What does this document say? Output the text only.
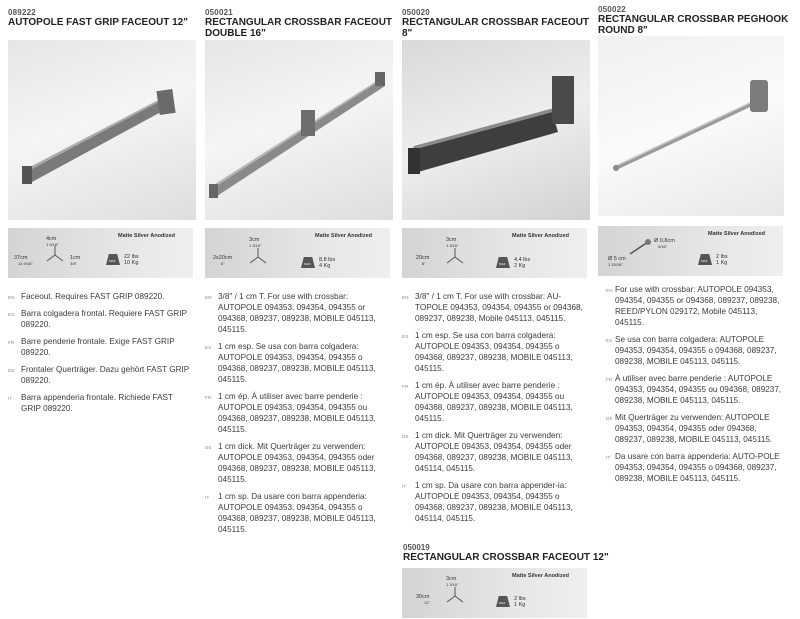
089222
AUTOPOLE FAST GRIP FACEOUT 12"
Matte Silver Anodized
4cm
1 9/16"
37cm
14 9/16"
1cm
3/8"
MAX
22 lbs
10 Kg
EN Faceout. Requires FAST GRIP 089220.
ES Barra colgadera frontal. Requiere FAST GRIP 089220.
FR Barre penderie frontale. Exige FAST GRIP 089220.
DE Frontaler Querträger. Dazu gehört FAST GRIP 089220.
IT Barra appenderia frontale. Richiede FAST GRIP 089220.
050021
RECTANGULAR CROSSBAR FACEOUT DOUBLE 16"
Matte Silver Anodized
3cm
1 3/16"
2x20cm
8"
MAX
8.8 lbs
4 Kg
EN 3/8" / 1 cm T. For use with crossbar: AUTOPOLE 094353, 094354, 094355 or 094368, 089237, 089238, MOBILE 045113, 045115.
ES 1 cm esp. Se usa con barra colgadera: AUTOPOLE 094353, 094354, 094355 o 094368, 089237, 089238, MOBILE 045113, 045115.
FR 1 cm ép. À utiliser avec barre penderie : AUTOPOLE 094353, 094354, 094355 ou 094368, 089237, 089238, MOBILE 045113, 045115.
DE 1 cm dick. Mit Querträger zu verwenden: AUTOPOLE 094353, 094354, 094355 oder 094368, 089237, 089238, MOBILE 045113, 045115.
IT 1 cm sp. Da usare con barra appenderia: AUTOPOLE 094353, 094354, 094355 o 094368, 089237, 089238, MOBILE 045113, 045115.
050020
RECTANGULAR CROSSBAR FACEOUT 8"
Matte Silver Anodized
3cm
1 3/16"
20cm
8"
MAX
4.4 lbs
2 Kg
EN 3/8" / 1 cm T. For use with crossbar: AU-TOPOLE 094353, 094354, 094355 or 094368, 089237, 089238, Mobile 045113, 045115.
ES 1 cm esp. Se usa con barra colgadera: AUTOPOLE 094353, 094354, 094355 o 094368, 089237, 089238, MOBILE 045113, 045115.
FR 1 cm ép. À utiliser avec barre penderie : AUTOPOLE 094353, 094354, 094355 ou 094368, 089237, 089238, MOBILE 045113, 045115.
DE 1 cm dick. Mit Querträger zu verwenden: AUTOPOLE 094353, 094354, 094355 oder 094368, 089237, 089238, MOBILE 045113, 045114, 045115.
IT 1 cm sp. Da usare con barra appender-ia: AUTOPOLE 094353, 094354, 094355 o 094368, 089237, 089238, MOBILE 045113, 045114, 045115.
050019
RECTANGULAR CROSSBAR FACEOUT 12"
Matte Silver Anodized
3cm
1 3/16"
30cm
12"
MAX
2 lbs
1 Kg
050022
RECTANGULAR CROSSBAR PEGHOOK ROUND 8"
Matte Silver Anodized
Ø 0,8cm
5/16"
Ø 5 cm
1 15/16"
MAX
2 lbs
1 Kg
EN For use with crossbar: AUTOPOLE 094353, 094354, 094355 or 094368, 089237, 089238, REED/PYLON 029172, Mobile 045113, 045115.
ES Se usa con barra colgadera: AUTOPOLE 094353, 094354, 094355 o 094368, 089237, 089238, MOBILE 045113, 045115.
FR À utiliser avec barre penderie : AUTOPOLE 094353, 094354, 094355 ou 094368, 089237, 089238, MOBILE 045113, 045115.
DE Mit Querträger zu verwenden: AUTOPOLE 094353, 094354, 094355 oder 094368, 089237, 089238, MOBILE 045113, 045115.
IT Da usare con barra appenderia: AUTO-POLE 094353, 094354, 094355 o 094368, 089237, 089238, MOBILE 045113, 045115.
